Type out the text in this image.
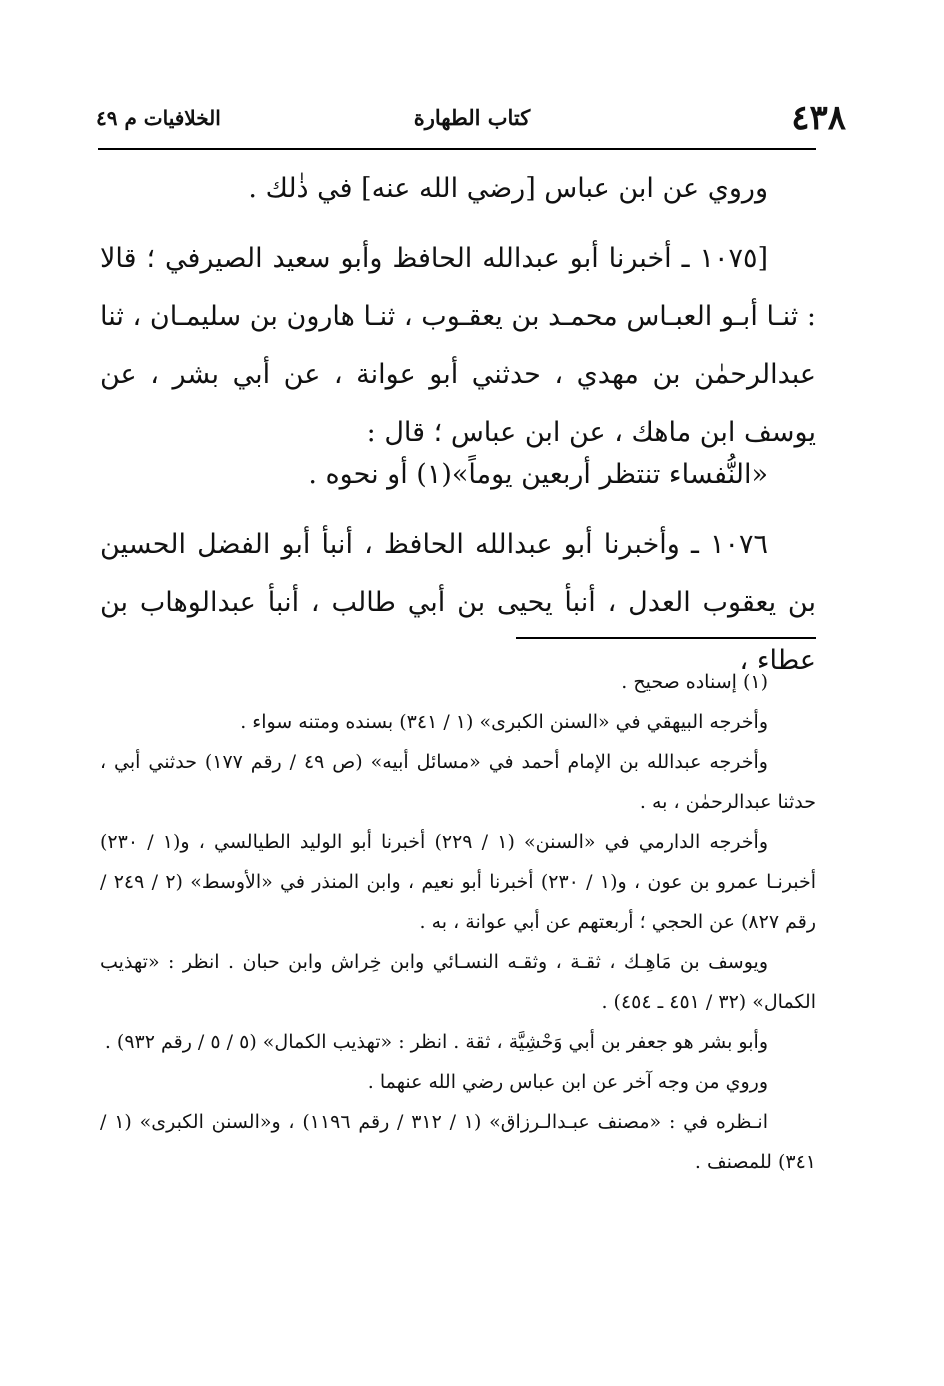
٤٣٨
كتاب الطهارة
الخلافيات م ٤٩

وروي عن ابن عباس [رضي الله عنه] في ذٰلك .

[١٠٧٥ ـ أخبرنا أبو عبدالله الحافظ وأبو سعيد الصيرفي ؛ قالا : ثنـا أبـو العبـاس محمـد بن يعقـوب ، ثنـا هارون بن سليمـان ، ثنا عبدالرحمٰن بن مهدي ، حدثني أبو عوانة ، عن أبي بشر ، عن يوسف ابن ماهك ، عن ابن عباس ؛ قال :

«النُّفساء تنتظر أربعين يوماً»(١) أو نحوه .

١٠٧٦ ـ وأخبرنا أبو عبدالله الحافظ ، أنبأ أبو الفضل الحسين بن يعقوب العدل ، أنبأ يحيى بن أبي طالب ، أنبأ عبدالوهاب بن عطاء ،

(١) إسناده صحيح .

وأخرجه البيهقي في «السنن الكبرى» (١ / ٣٤١) بسنده ومتنه سواء .

وأخرجه عبدالله بن الإمام أحمد في «مسائل أبيه» (ص ٤٩ / رقم ١٧٧) حدثني أبي ، حدثنا عبدالرحمٰن ، به .

وأخرجه الدارمي في «السنن» (١ / ٢٢٩) أخبرنا أبو الوليد الطيالسي ، و(١ / ٢٣٠) أخبرنـا عمرو بن عون ، و(١ / ٢٣٠) أخبرنا أبو نعيم ، وابن المنذر في «الأوسط» (٢ / ٢٤٩ / رقم ٨٢٧) عن الحجي ؛ أربعتهم عن أبي عوانة ، به .

ويوسف بن مَاهِـك ، ثقـة ، وثقـه النسـائي وابن خِراش وابن حبان . انظر : «تهذيب الكمال» (٣٢ / ٤٥١ ـ ٤٥٤) .

وأبو بشر هو جعفر بن أبي وَحْشِيَّة ، ثقة . انظر : «تهذيب الكمال» (٥ / ٥ / رقم ٩٣٢) .

وروي من وجه آخر عن ابن عباس رضي الله عنهما .

انـظره في : «مصنف عبـدالـرزاق» (١ / ٣١٢ / رقم ١١٩٦) ، و«السنن الكبرى» (١ / ٣٤١) للمصنف .
